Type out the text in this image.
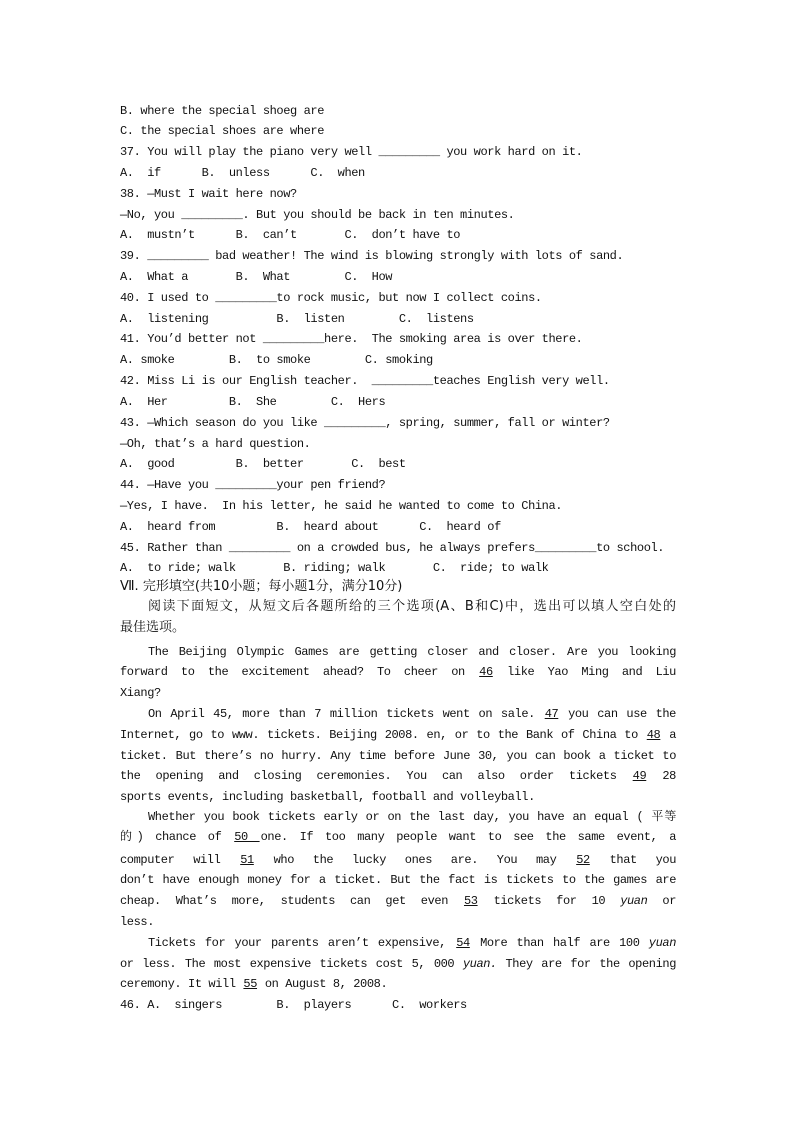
B. where the special shoeg are
C. the special shoes are where
37. You will play the piano very well _________ you work hard on it.
A.  if      B.  unless      C.  when
38. —Must I wait here now?
—No, you _________. But you should be back in ten minutes.
A.  mustn’t      B.  can’t       C.  don’t have to
39. _________ bad weather! The wind is blowing strongly with lots of sand.
A.  What a       B.  What        C.  How
40. I used to _________to rock music, but now I collect coins.
A.  listening          B.  listen        C.  listens
41. You’d better not _________here.  The smoking area is over there.
A. smoke        B.  to smoke        C. smoking
42. Miss Li is our English teacher.  _________teaches English very well.
A.  Her         B.  She        C.  Hers
43. —Which season do you like _________, spring, summer, fall or winter?
—Oh, that’s a hard question.
A.  good         B.  better       C.  best
44. —Have you _________your pen friend?
—Yes, I have.  In his letter, he said he wanted to come to China.
A.  heard from         B.  heard about      C.  heard of
45. Rather than _________ on a crowded bus, he always prefers_________to school.
A.  to ride; walk       B. riding; walk       C.  ride; to walk
Ⅶ. 完形填空(共10小题；每小题1分，满分10分)
阅读下面短文，从短文后各题所给的三个选项(A、B和C)中，选出可以填人空白处的
最佳选项。
The Beijing Olympic Games are getting closer and closer. Are you looking
forward to the excitement ahead? To cheer on 46 like Yao Ming and Liu
Xiang?
On April 45, more than 7 million tickets went on sale. 47 you can use the
Internet, go to www. tickets. Beijing 2008. en, or to the Bank of China to 48 a
ticket. But there’s no hurry. Any time before June 30, you can book a ticket to
the opening and closing ceremonies. You can also order tickets 49 28
sports events, including basketball, football and volleyball.
Whether you book tickets early or on the last day, you have an equal ( 平等
的) chance of 50 one. If too many people want to see the same event, a
computer will 51 who the lucky ones are. You may 52 that you
don’t have enough money for a ticket. But the fact is tickets to the games are
cheap. What’s more, students can get even 53 tickets for 10 yuan or
less.
Tickets for your parents aren’t expensive, 54 More than half are 100 yuan
or less. The most expensive tickets cost 5, 000 yuan. They are for the opening
ceremony. It will 55 on August 8, 2008.
46. A.  singers        B.  players      C.  workers
